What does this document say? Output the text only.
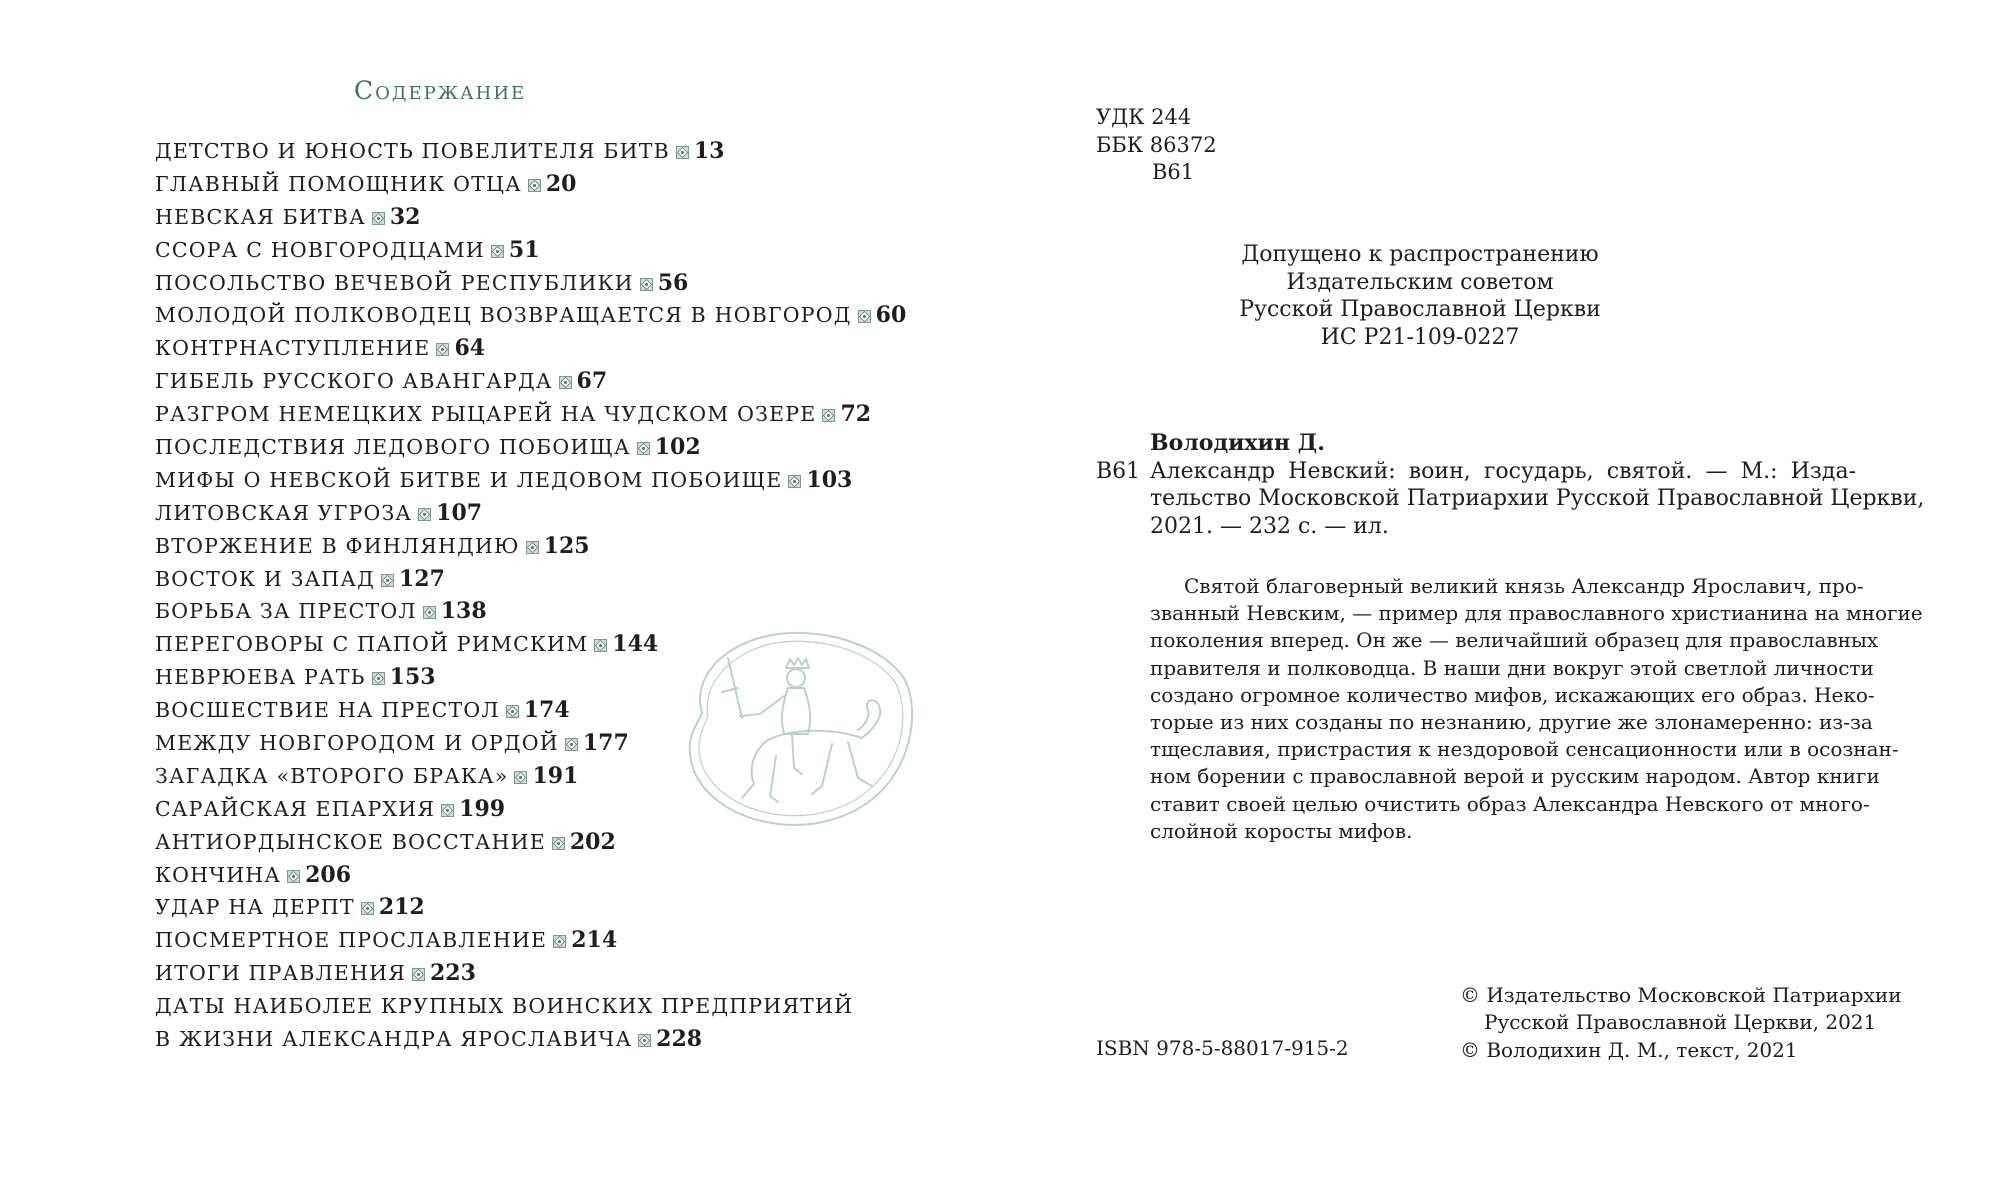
Содержание
ДЕТСТВО И ЮНОСТЬ ПОВЕЛИТЕЛЯ БИТВ 13
ГЛАВНЫЙ ПОМОЩНИК ОТЦА 20
НЕВСКАЯ БИТВА 32
ССОРА С НОВГОРОДЦАМИ 51
ПОСОЛЬСТВО ВЕЧЕВОЙ РЕСПУБЛИКИ 56
МОЛОДОЙ ПОЛКОВОДЕЦ ВОЗВРАЩАЕТСЯ В НОВГОРОД 60
КОНТРНАСТУПЛЕНИЕ 64
ГИБЕЛЬ РУССКОГО АВАНГАРДА 67
РАЗГРОМ НЕМЕЦКИХ РЫЦАРЕЙ НА ЧУДСКОМ ОЗЕРЕ 72
ПОСЛЕДСТВИЯ ЛЕДОВОГО ПОБОИЩА 102
МИФЫ О НЕВСКОЙ БИТВЕ И ЛЕДОВОМ ПОБОИЩЕ 103
ЛИТОВСКАЯ УГРОЗА 107
ВТОРЖЕНИЕ В ФИНЛЯНДИЮ 125
ВОСТОК И ЗАПАД 127
БОРЬБА ЗА ПРЕСТОЛ 138
ПЕРЕГОВОРЫ С ПАПОЙ РИМСКИМ 144
НЕВРЮЕВА РАТЬ 153
ВОСШЕСТВИЕ НА ПРЕСТОЛ 174
МЕЖДУ НОВГОРОДОМ И ОРДОЙ 177
ЗАГАДКА «ВТОРОГО БРАКА» 191
САРАЙСКАЯ ЕПАРХИЯ 199
АНТИОРДЫНСКОЕ ВОССТАНИЕ 202
КОНЧИНА 206
УДАР НА ДЕРПТ 212
ПОСМЕРТНОЕ ПРОСЛАВЛЕНИЕ 214
ИТОГИ ПРАВЛЕНИЯ 223
ДАТЫ НАИБОЛЕЕ КРУПНЫХ ВОИНСКИХ ПРЕДПРИЯТИЙ
В ЖИЗНИ АЛЕКСАНДРА ЯРОСЛАВИЧА 228
УДК 244
ББК 86372
В61
Допущено к распространению
Издательским советом
Русской Православной Церкви
ИС Р21-109-0227
Володихин Д.
В61 Александр Невский: воин, государь, святой. — М.: Изда-
тельство Московской Патриархии Русской Православной Церкви,
2021. — 232 с. — ил.
Святой благоверный великий князь Александр Ярославич, про-
званный Невским, — пример для православного христианина на многие
поколения вперед. Он же — величайший образец для православных
правителя и полководца. В наши дни вокруг этой светлой личности
создано огромное количество мифов, искажающих его образ. Неко-
торые из них созданы по незнанию, другие же злонамеренно: из-за
тщеславия, пристрастия к нездоровой сенсационности или в осознан-
ном борении с православной верой и русским народом. Автор книги
ставит своей целью очистить образ Александра Невского от много-
слойной коросты мифов.
© Издательство Московской Патриархии
Русской Православной Церкви, 2021
© Володихин Д. М., текст, 2021
ISBN 978-5-88017-915-2
